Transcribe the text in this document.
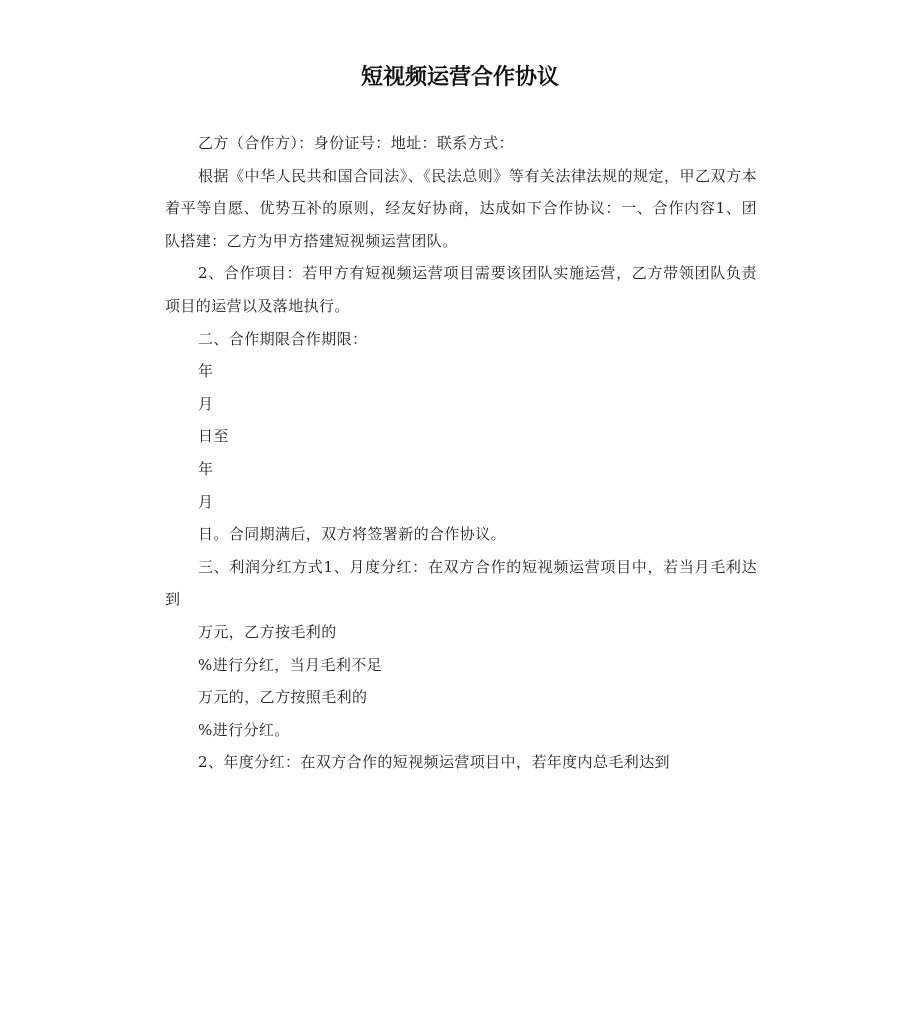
短视频运营合作协议

乙方（合作方）：身份证号：地址：联系方式：

根据《中华人民共和国合同法》、《民法总则》等有关法律法规的规定，甲乙双方本着平等自愿、优势互补的原则，经友好协商，达成如下合作协议：一、合作内容1、团队搭建：乙方为甲方搭建短视频运营团队。

2、合作项目：若甲方有短视频运营项目需要该团队实施运营，乙方带领团队负责项目的运营以及落地执行。

二、合作期限合作期限：

年

月

日至

年

月

日。合同期满后，双方将签署新的合作协议。

三、利润分红方式1、月度分红：在双方合作的短视频运营项目中，若当月毛利达到

万元，乙方按毛利的

%进行分红，当月毛利不足

万元的，乙方按照毛利的

%进行分红。

2、年度分红：在双方合作的短视频运营项目中，若年度内总毛利达到
